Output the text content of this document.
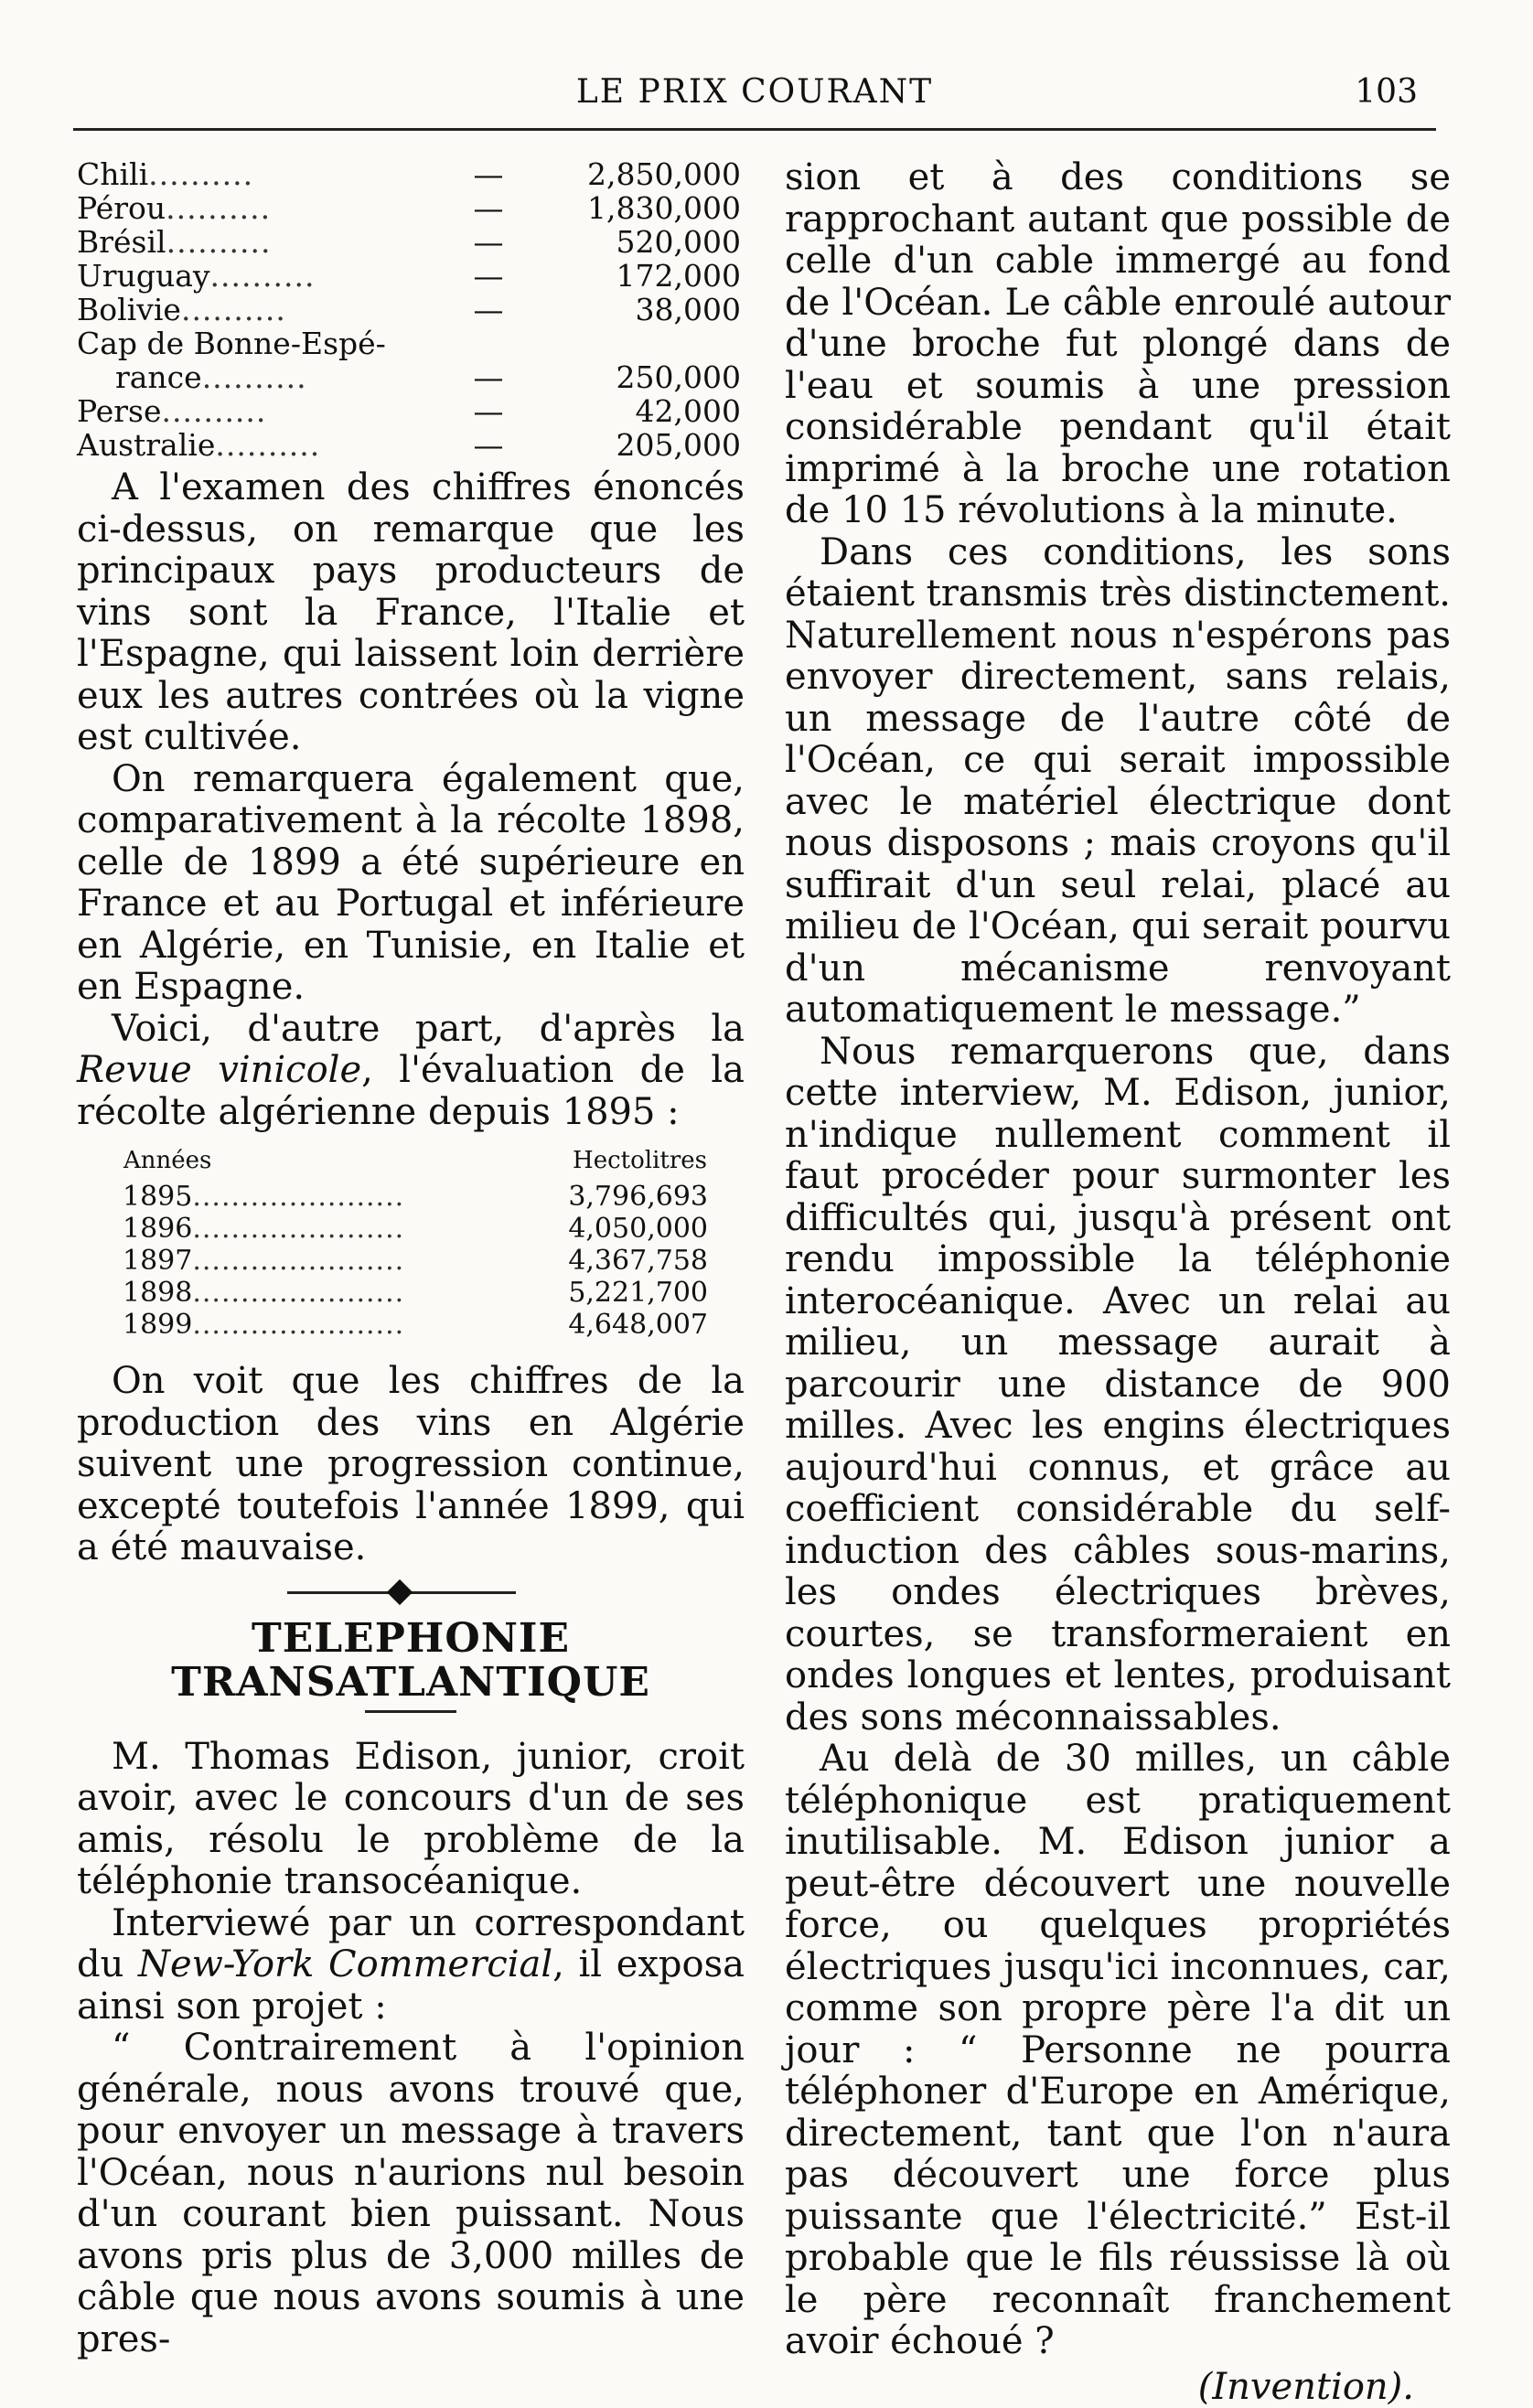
LE PRIX COURANT	103
Chili..........	—	2,850,000
Pérou..........	—	1,830,000
Brésil..........	—	520,000
Uruguay..........	—	172,000
Bolivie..........	—	38,000
Cap de Bonne-Espé-		
rance..........	—	250,000
Perse..........	—	42,000
Australie..........	—	205,000

A l'examen des chiffres énoncés ci-dessus, on remarque que les principaux pays producteurs de vins sont la France, l'Italie et l'Espagne, qui laissent loin derrière eux les autres contrées où la vigne est cultivée.

On remarquera également que, comparativement à la récolte 1898, celle de 1899 a été supérieure en France et au Portugal et inférieure en Algérie, en Tunisie, en Italie et en Espagne.

Voici, d'autre part, d'après la Revue vinicole, l'évaluation de la récolte algérienne depuis 1895 :

Années	Hectolitres
1895......................	3,796,693
1896......................	4,050,000
1897......................	4,367,758
1898......................	5,221,700
1899......................	4,648,007

On voit que les chiffres de la production des vins en Algérie suivent une progression continue, excepté toutefois l'année 1899, qui a été mauvaise.

TELEPHONIE TRANSATLANTIQUE

M. Thomas Edison, junior, croit avoir, avec le concours d'un de ses amis, résolu le problème de la téléphonie transocéanique.

Interviewé par un correspondant du New-York Commercial, il exposa ainsi son projet :

“ Contrairement à l'opinion générale, nous avons trouvé que, pour envoyer un message à travers l'Océan, nous n'aurions nul besoin d'un courant bien puissant. Nous avons pris plus de 3,000 milles de câble que nous avons soumis à une pres-

sion et à des conditions se rapprochant autant que possible de celle d'un cable immergé au fond de l'Océan. Le câble enroulé autour d'une broche fut plongé dans de l'eau et soumis à une pression considérable pendant qu'il était imprimé à la broche une rotation de 10 15 révolutions à la minute.

Dans ces conditions, les sons étaient transmis très distinctement. Naturellement nous n'espérons pas envoyer directement, sans relais, un message de l'autre côté de l'Océan, ce qui serait impossible avec le matériel électrique dont nous disposons ; mais croyons qu'il suffirait d'un seul relai, placé au milieu de l'Océan, qui serait pourvu d'un mécanisme renvoyant automatiquement le message.”

Nous remarquerons que, dans cette interview, M. Edison, junior, n'indique nullement comment il faut procéder pour surmonter les difficultés qui, jusqu'à présent ont rendu impossible la téléphonie interocéanique. Avec un relai au milieu, un message aurait à parcourir une distance de 900 milles. Avec les engins électriques aujourd'hui connus, et grâce au coefficient considérable du self-induction des câbles sous-marins, les ondes électriques brèves, courtes, se transformeraient en ondes longues et lentes, produisant des sons méconnaissables.

Au delà de 30 milles, un câble téléphonique est pratiquement inutilisable. M. Edison junior a peut-être découvert une nouvelle force, ou quelques propriétés électriques jusqu'ici inconnues, car, comme son propre père l'a dit un jour : “ Personne ne pourra téléphoner d'Europe en Amérique, directement, tant que l'on n'aura pas découvert une force plus puissante que l'électricité.” Est-il probable que le fils réussisse là où le père reconnaît franchement avoir échoué ?

(Invention).
